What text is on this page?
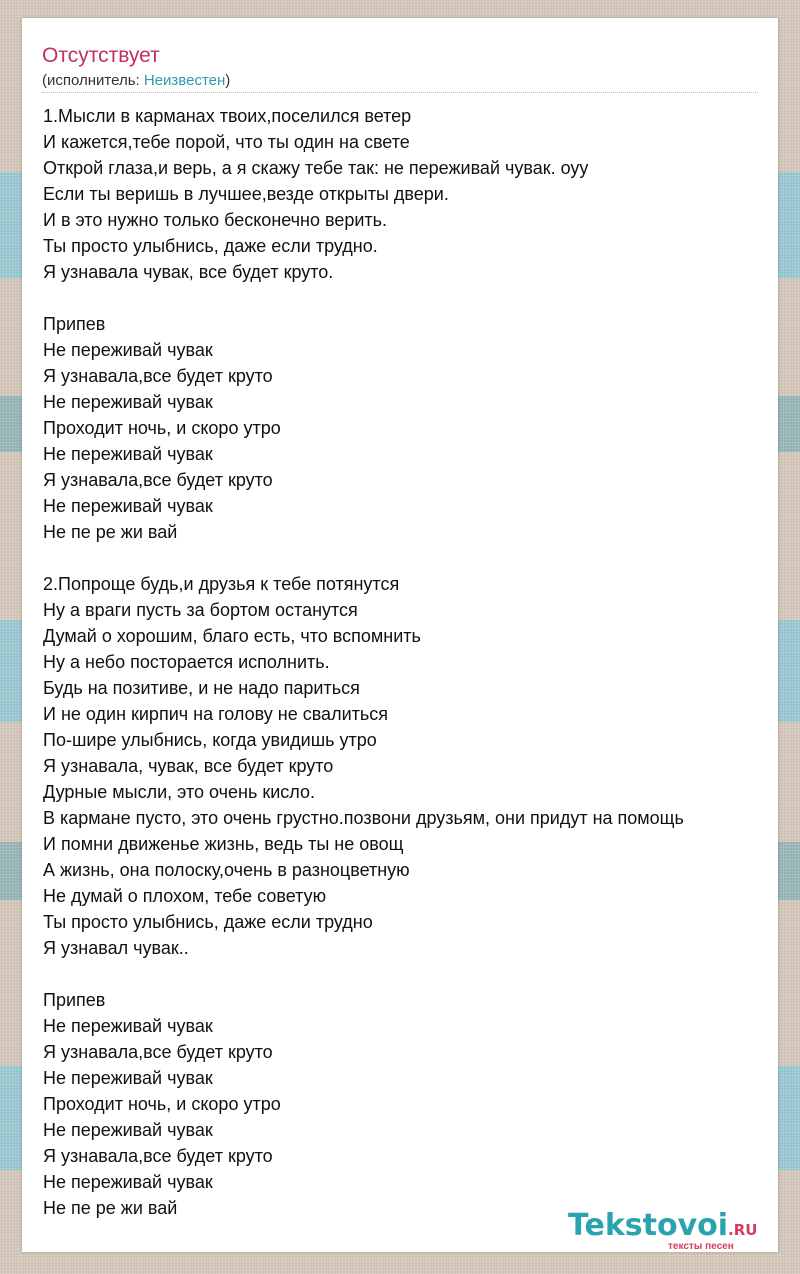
Отсутствует
(исполнитель: Неизвестен)
1.Мысли в карманах твоих,поселился ветер
И кажется,тебе порой, что ты один на свете
Открой глаза,и верь, а я скажу тебе так: не переживай чувак. оуу
Если ты веришь в лучшее,везде открыты двери.
И в это нужно только бесконечно верить.
Ты просто улыбнись, даже если трудно.
Я узнавала чувак, все будет круто.
Припев
Не переживай чувак
Я узнавала,все будет круто
Не переживай чувак
Проходит ночь, и скоро утро
Не переживай чувак
Я узнавала,все будет круто
Не переживай чувак
Не пе ре жи вай
2.Попроще будь,и друзья к тебе потянутся
Ну а враги пусть за бортом останутся
Думай о хорошим, благо есть, что вспомнить
Ну а небо посторается исполнить.
Будь на позитиве, и не надо париться
И не один кирпич на голову не свалиться
По-шире улыбнись, когда увидишь утро
Я узнавала, чувак, все будет круто
Дурные мысли, это очень кисло.
В кармане пусто, это очень грустно.позвони друзьям, они придут на помощь
И помни движенье жизнь, ведь ты не овощ
А жизнь, она полоску,очень в разноцветную
Не думай о плохом, тебе советую
Ты просто улыбнись, даже если трудно
Я узнавал чувак..
Припев
Не переживай чувак
Я узнавала,все будет круто
Не переживай чувак
Проходит ночь, и скоро утро
Не переживай чувак
Я узнавала,все будет круто
Не переживай чувак
Не пе ре жи вай	Tekstovoi.RU
тексты песен
